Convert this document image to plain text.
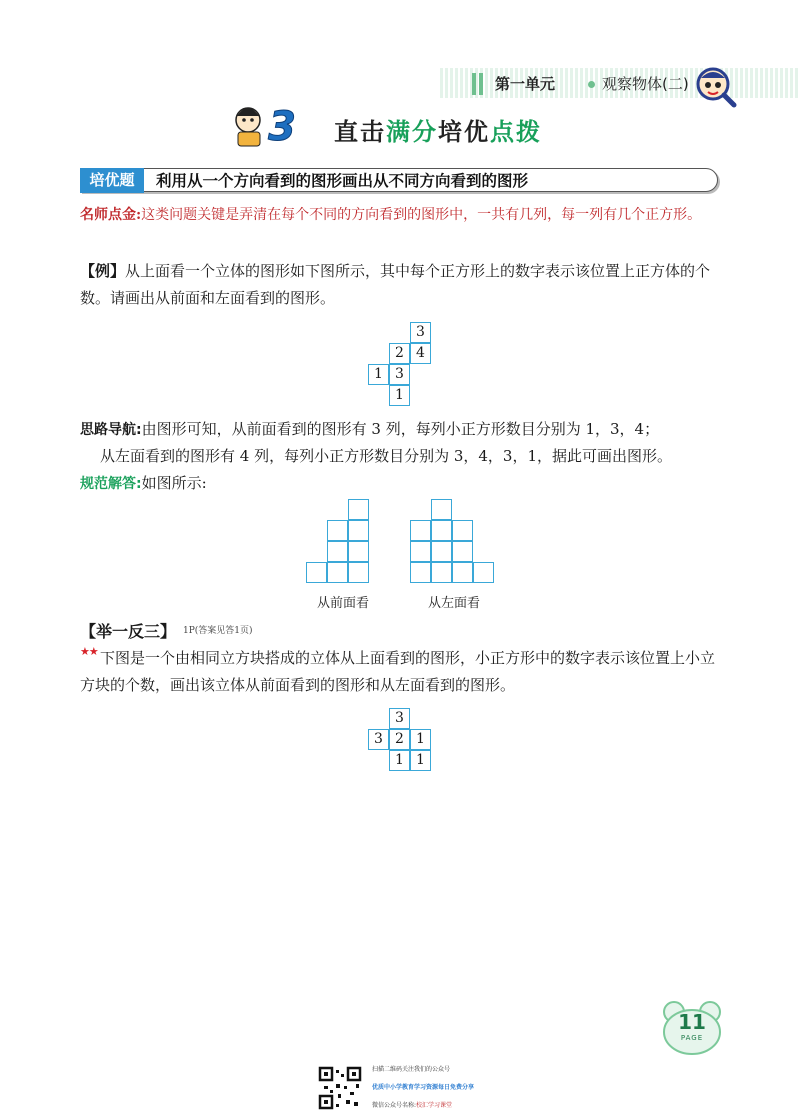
第一单元	观察物体(二)
3 直击满分培优点拨
培优题	利用从一个方向看到的图形画出从不同方向看到的图形
名师点金:这类问题关键是弄清在每个不同的方向看到的图形中，一共有几列，每一列有几个正方形。
【例】从上面看一个立体的图形如下图所示，其中每个正方形上的数字表示该位置上正方体的个数。请画出从前面和左面看到的图形。
3
2 4
1 3
1
思路导航:由图形可知，从前面看到的图形有 3 列，每列小正方形数目分别为 1，3，4；
从左面看到的图形有 4 列，每列小正方形数目分别为 3，4，3，1，据此可画出图形。
规范解答:如图所示:
从前面看	从左面看
【举一反三】 1P(答案见答1页)
★★ 下图是一个由相同立方块搭成的立体从上面看到的图形，小正方形中的数字表示该位置上小立方块的个数，画出该立体从前面看到的图形和从左面看到的图形。
3
3 2 1
1 1
11
PAGE
扫描二维码关注我们的公众号
优质中小学教育学习资源每日免费分享
微信公众号名称:校汇学习课堂
